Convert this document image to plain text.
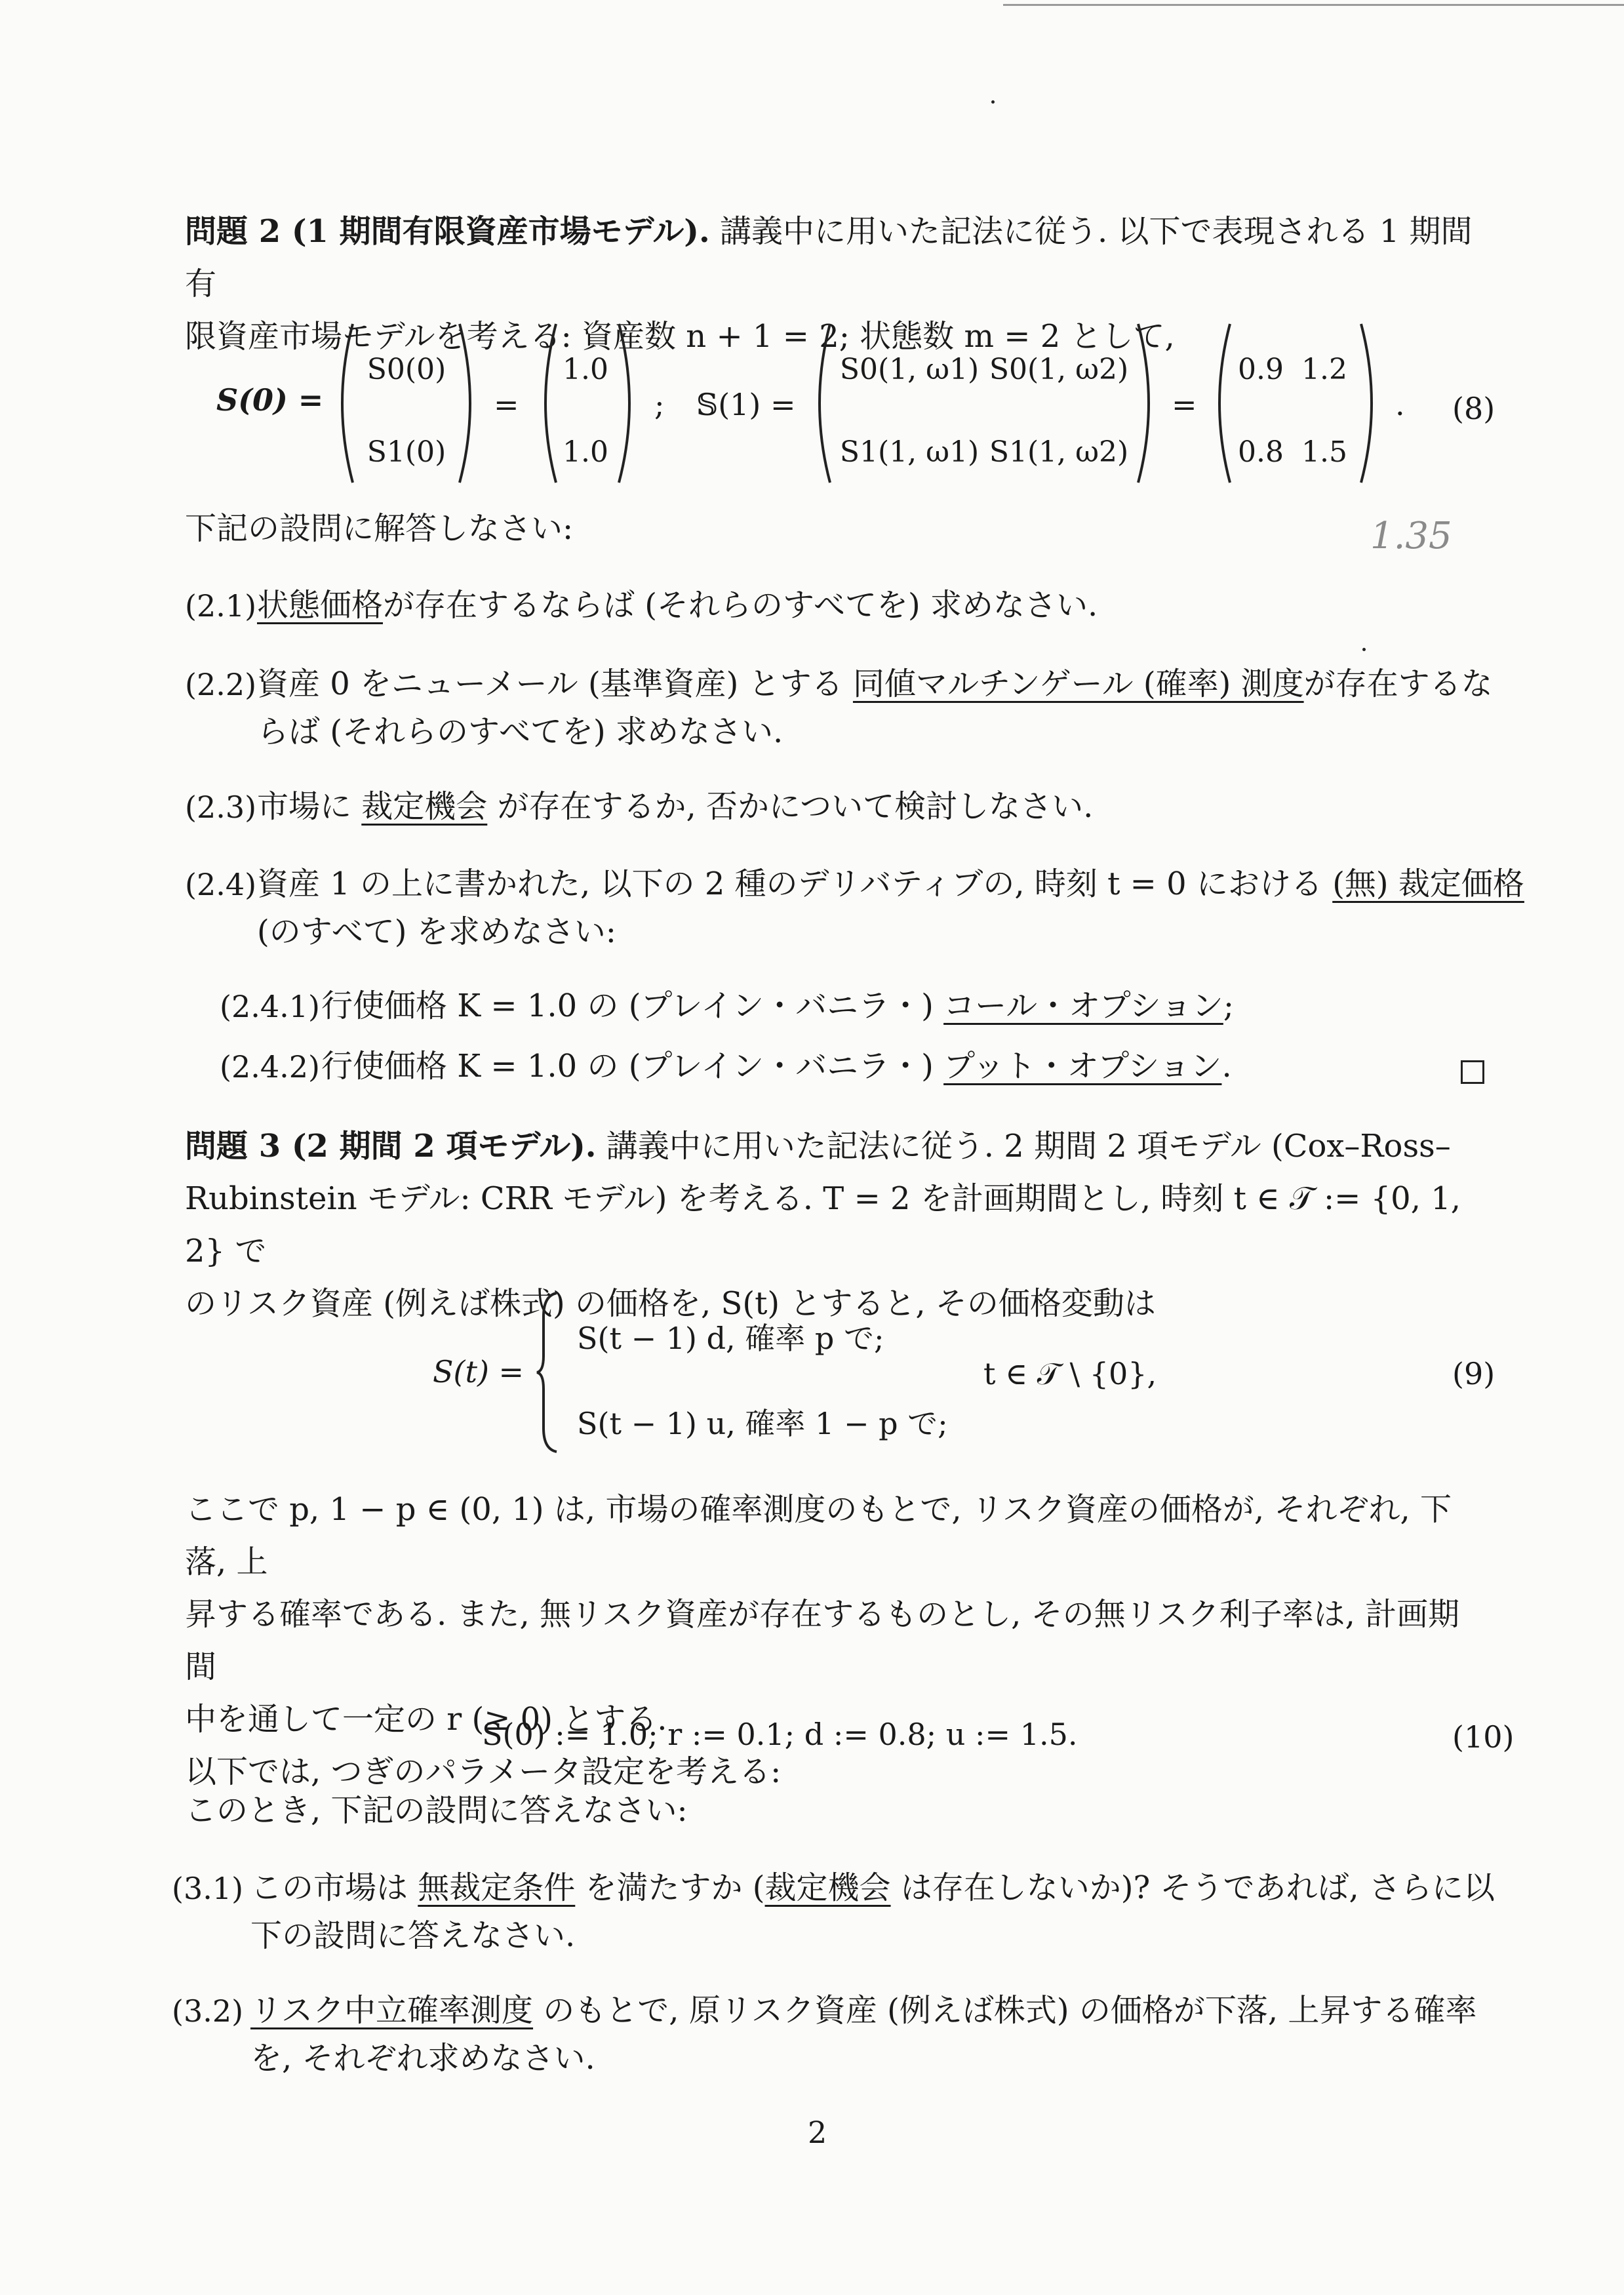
問題 2 (1 期間有限資産市場モデル). 講義中に用いた記法に従う. 以下で表現される 1 期間有
限資産市場モデルを考える: 資産数 n + 1 = 2; 状態数 m = 2 として,
S(0) =
S0(0)
S1(0)
=
1.0
1.0
; 𝕊(1) =
S0(1, ω1) S0(1, ω2)
S1(1, ω1) S1(1, ω2)
=
0.9 1.2
0.8 1.5
. (8)
下記の設問に解答しなさい:	1.35
(2.1) 状態価格が存在するならば (それらのすべてを) 求めなさい.
(2.2) 資産 0 をニューメール (基準資産) とする 同値マルチンゲール (確率) 測度が存在するな
らば (それらのすべてを) 求めなさい.
(2.3) 市場に 裁定機会 が存在するか, 否かについて検討しなさい.
(2.4) 資産 1 の上に書かれた, 以下の 2 種のデリバティブの, 時刻 t = 0 における (無) 裁定価格
(のすべて) を求めなさい:
(2.4.1) 行使価格 K = 1.0 の (プレイン・バニラ・) コール・オプション;
(2.4.2) 行使価格 K = 1.0 の (プレイン・バニラ・) プット・オプション.
問題 3 (2 期間 2 項モデル). 講義中に用いた記法に従う. 2 期間 2 項モデル (Cox–Ross–
Rubinstein モデル: CRR モデル) を考える. T = 2 を計画期間とし, 時刻 t ∈ 𝒯 := {0, 1, 2} で
のリスク資産 (例えば株式) の価格を, S(t) とすると, その価格変動は
S(t) =
S(t − 1) d, 確率 p で;
S(t − 1) u, 確率 1 − p で;
t ∈ 𝒯 \ {0},	(9)
ここで p, 1 − p ∈ (0, 1) は, 市場の確率測度のもとで, リスク資産の価格が, それぞれ, 下落, 上
昇する確率である. また, 無リスク資産が存在するものとし, その無リスク利子率は, 計画期間
中を通して一定の r (≥ 0) とする.
以下では, つぎのパラメータ設定を考える:
S(0) := 1.0; r := 0.1; d := 0.8; u := 1.5.	(10)
このとき, 下記の設問に答えなさい:
(3.1) この市場は 無裁定条件 を満たすか (裁定機会 は存在しないか)? そうであれば, さらに以
下の設問に答えなさい.
(3.2) リスク中立確率測度 のもとで, 原リスク資産 (例えば株式) の価格が下落, 上昇する確率
を, それぞれ求めなさい.
2
